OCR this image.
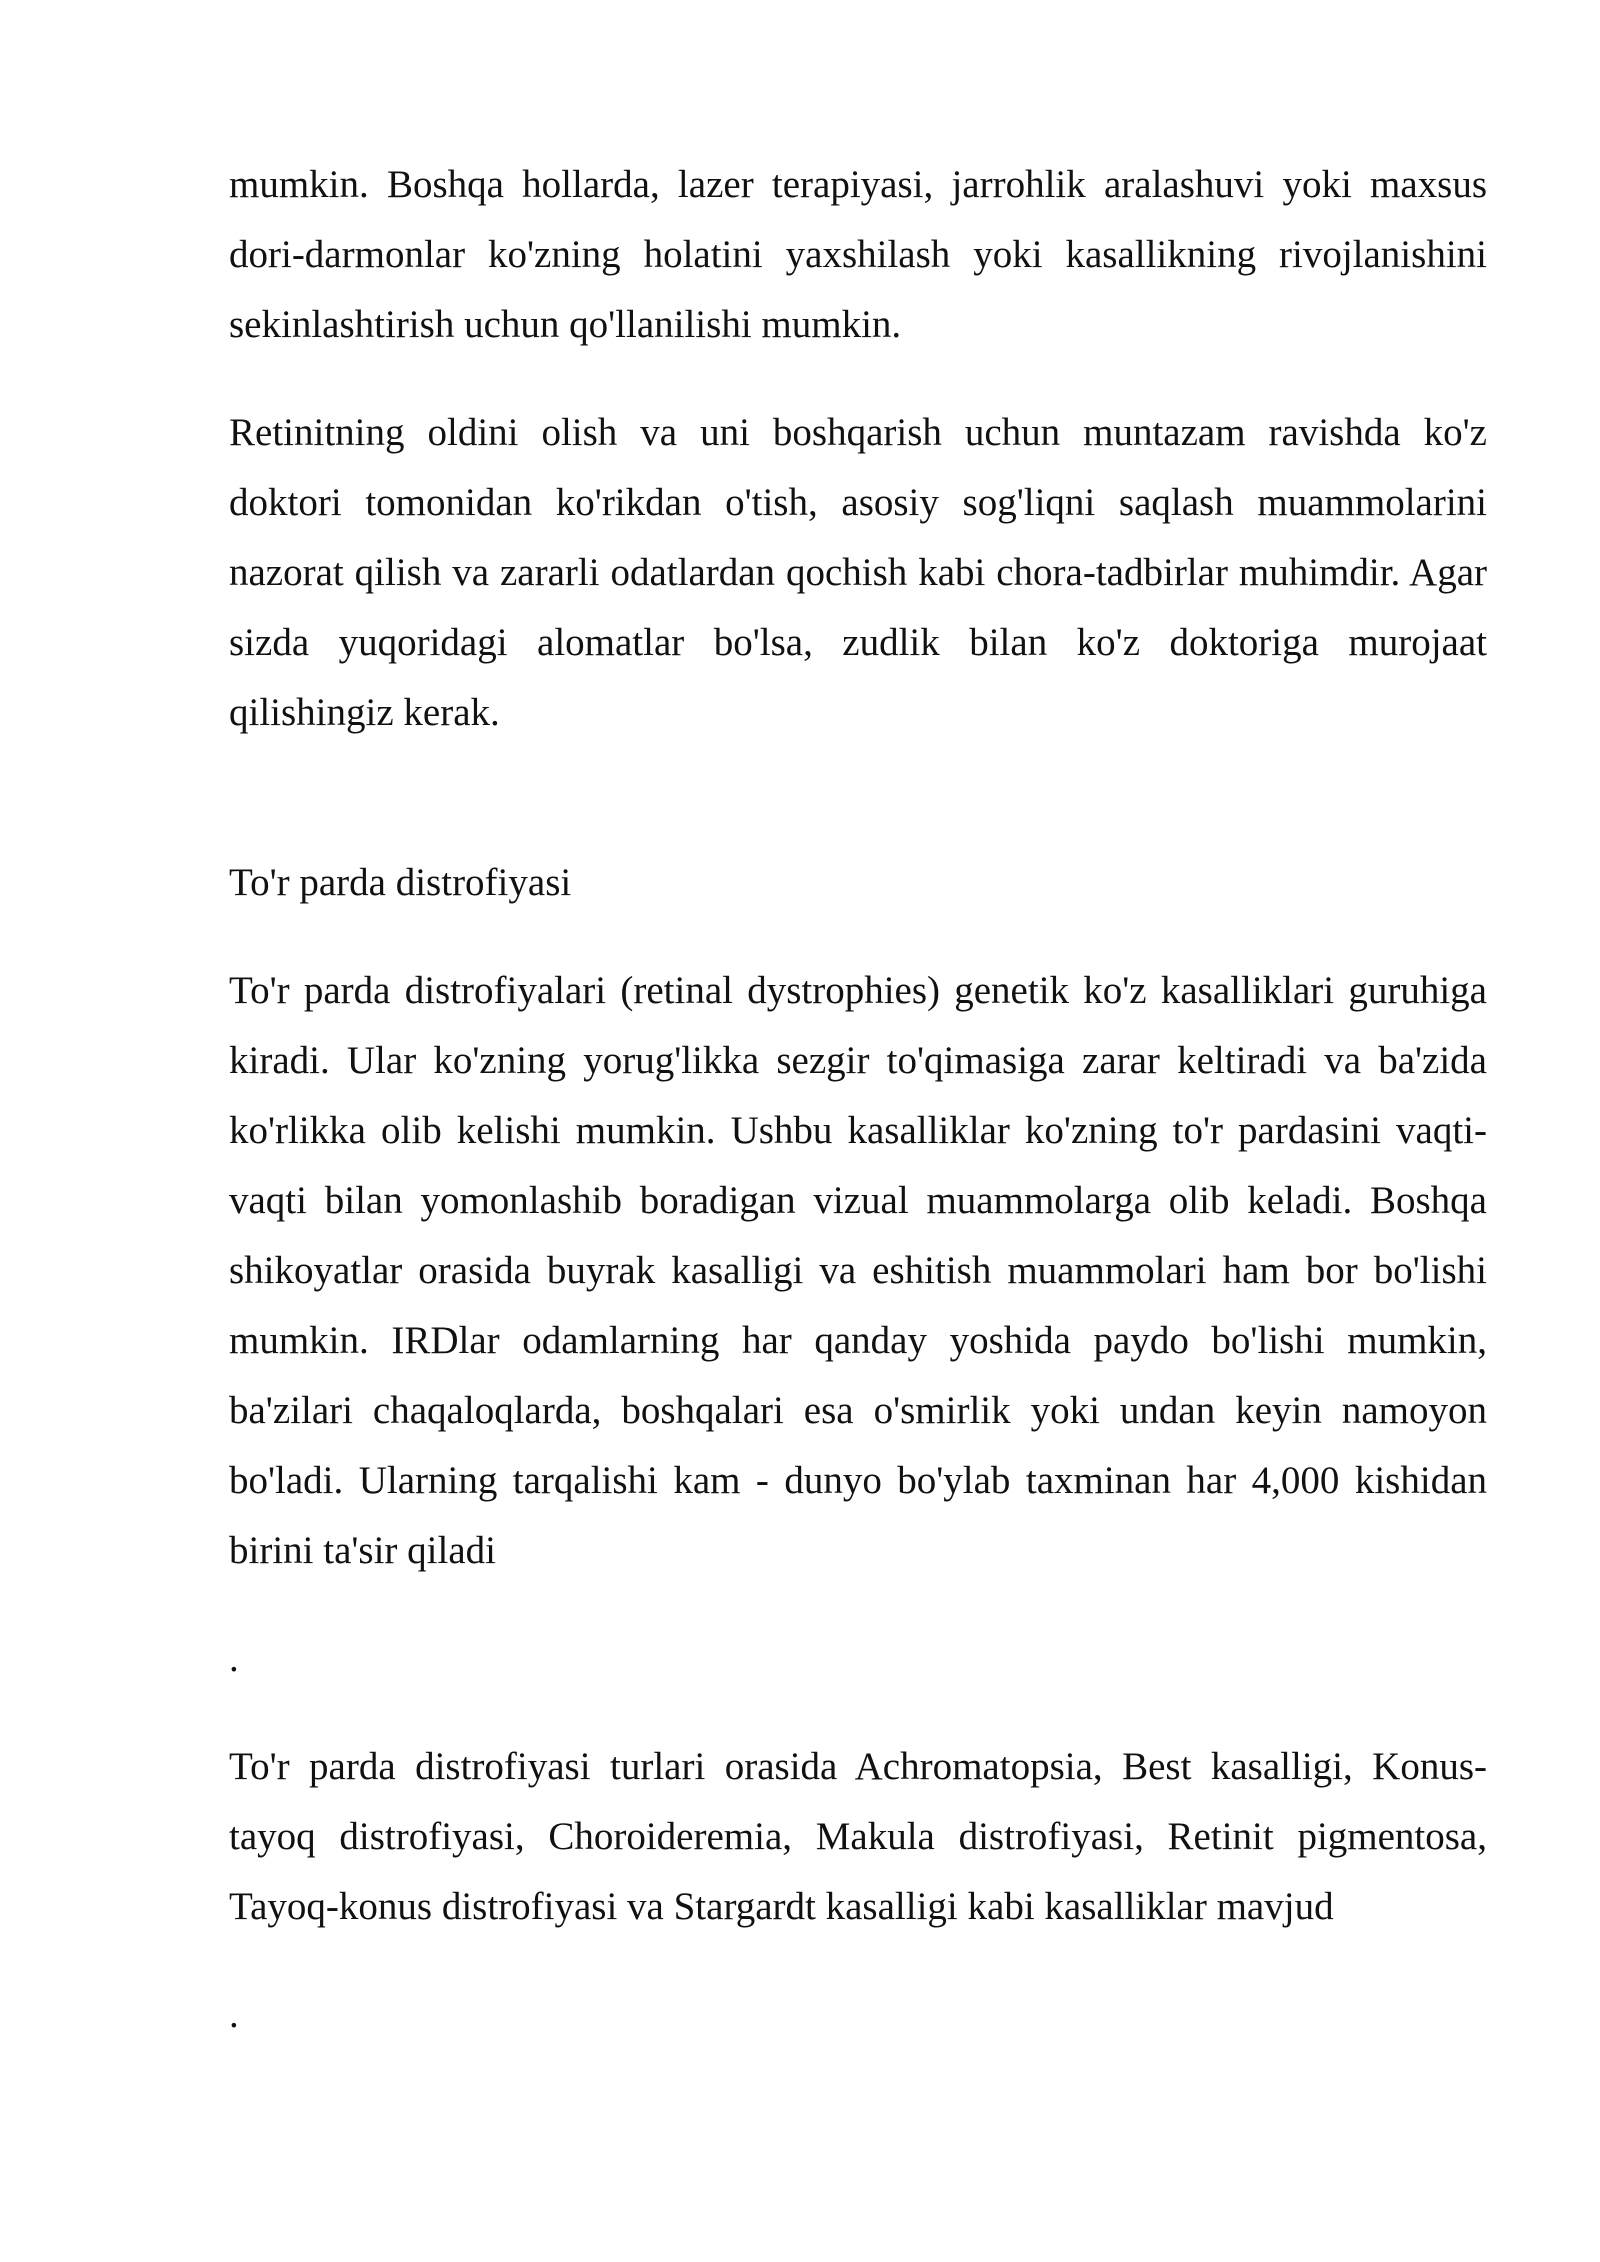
mumkin. Boshqa hollarda, lazer terapiyasi, jarrohlik aralashuvi yoki maxsus dori-darmonlar ko'zning holatini yaxshilash yoki kasallikning rivojlanishini sekinlashtirish uchun qo'llanilishi mumkin.

Retinitning oldini olish va uni boshqarish uchun muntazam ravishda ko'z doktori tomonidan ko'rikdan o'tish, asosiy sog'liqni saqlash muammolarini nazorat qilish va zararli odatlardan qochish kabi chora-tadbirlar muhimdir. Agar sizda yuqoridagi alomatlar bo'lsa, zudlik bilan ko'z doktoriga murojaat qilishingiz kerak.

To'r parda distrofiyasi

To'r parda distrofiyalari (retinal dystrophies) genetik ko'z kasalliklari guruhiga kiradi. Ular ko'zning yorug'likka sezgir to'qimasiga zarar keltiradi va ba'zida ko'rlikka olib kelishi mumkin. Ushbu kasalliklar ko'zning to'r pardasini vaqti-vaqti bilan yomonlashib boradigan vizual muammolarga olib keladi. Boshqa shikoyatlar orasida buyrak kasalligi va eshitish muammolari ham bor bo'lishi mumkin. IRDlar odamlarning har qanday yoshida paydo bo'lishi mumkin, ba'zilari chaqaloqlarda, boshqalari esa o'smirlik yoki undan keyin namoyon bo'ladi. Ularning tarqalishi kam - dunyo bo'ylab taxminan har 4,000 kishidan birini ta'sir qiladi

.

To'r parda distrofiyasi turlari orasida Achromatopsia, Best kasalligi, Konus-tayoq distrofiyasi, Choroideremia, Makula distrofiyasi, Retinit pigmentosa, Tayoq-konus distrofiyasi va Stargardt kasalligi kabi kasalliklar mavjud

.
